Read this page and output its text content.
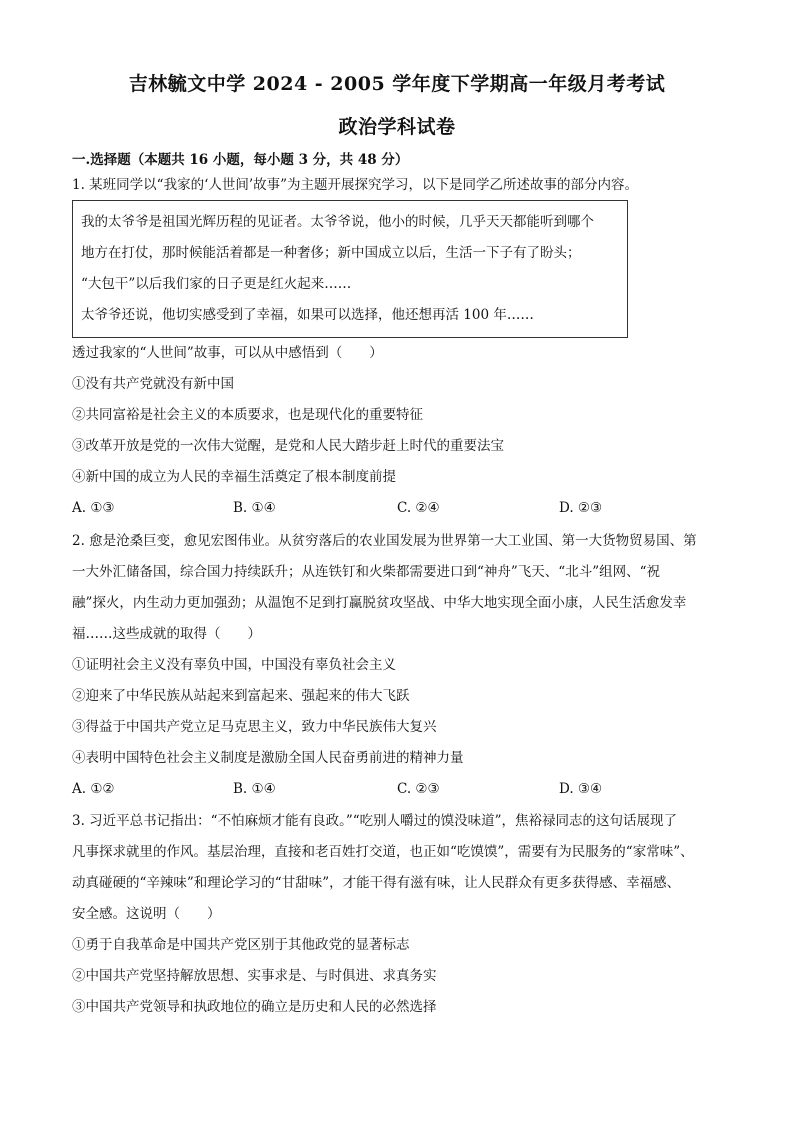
吉林毓文中学 2024 - 2005 学年度下学期高一年级月考考试
政治学科试卷
一.选择题（本题共 16 小题，每小题 3 分，共 48 分）
1. 某班同学以“我家的‘人世间’故事”为主题开展探究学习，以下是同学乙所述故事的部分内容。
我的太爷爷是祖国光辉历程的见证者。太爷爷说，他小的时候，几乎天天都能听到哪个
地方在打仗，那时候能活着都是一种奢侈；新中国成立以后，生活一下子有了盼头；
“大包干”以后我们家的日子更是红火起来……
太爷爷还说，他切实感受到了幸福，如果可以选择，他还想再活 100 年……
透过我家的“人世间”故事，可以从中感悟到（　　）
①没有共产党就没有新中国
②共同富裕是社会主义的本质要求，也是现代化的重要特征
③改革开放是党的一次伟大觉醒，是党和人民大踏步赶上时代的重要法宝
④新中国的成立为人民的幸福生活奠定了根本制度前提
A. ①③	B. ①④	C. ②④	D. ②③
2. 愈是沧桑巨变，愈见宏图伟业。从贫穷落后的农业国发展为世界第一大工业国、第一大货物贸易国、第
一大外汇储备国，综合国力持续跃升；从连铁钉和火柴都需要进口到“神舟”飞天、“北斗”组网、“祝
融”探火，内生动力更加强劲；从温饱不足到打赢脱贫攻坚战、中华大地实现全面小康，人民生活愈发幸
福……这些成就的取得（　　）
①证明社会主义没有辜负中国，中国没有辜负社会主义
②迎来了中华民族从站起来到富起来、强起来的伟大飞跃
③得益于中国共产党立足马克思主义，致力中华民族伟大复兴
④表明中国特色社会主义制度是激励全国人民奋勇前进的精神力量
A. ①②	B. ①④	C. ②③	D. ③④
3. 习近平总书记指出：“不怕麻烦才能有良政。”“吃别人嚼过的馍没味道”，焦裕禄同志的这句话展现了
凡事探求就里的作风。基层治理，直接和老百姓打交道，也正如“吃馍馍”，需要有为民服务的“家常味”、
动真碰硬的“辛辣味”和理论学习的“甘甜味”，才能干得有滋有味，让人民群众有更多获得感、幸福感、
安全感。这说明（　　）
①勇于自我革命是中国共产党区别于其他政党的显著标志
②中国共产党坚持解放思想、实事求是、与时俱进、求真务实
③中国共产党领导和执政地位的确立是历史和人民的必然选择
